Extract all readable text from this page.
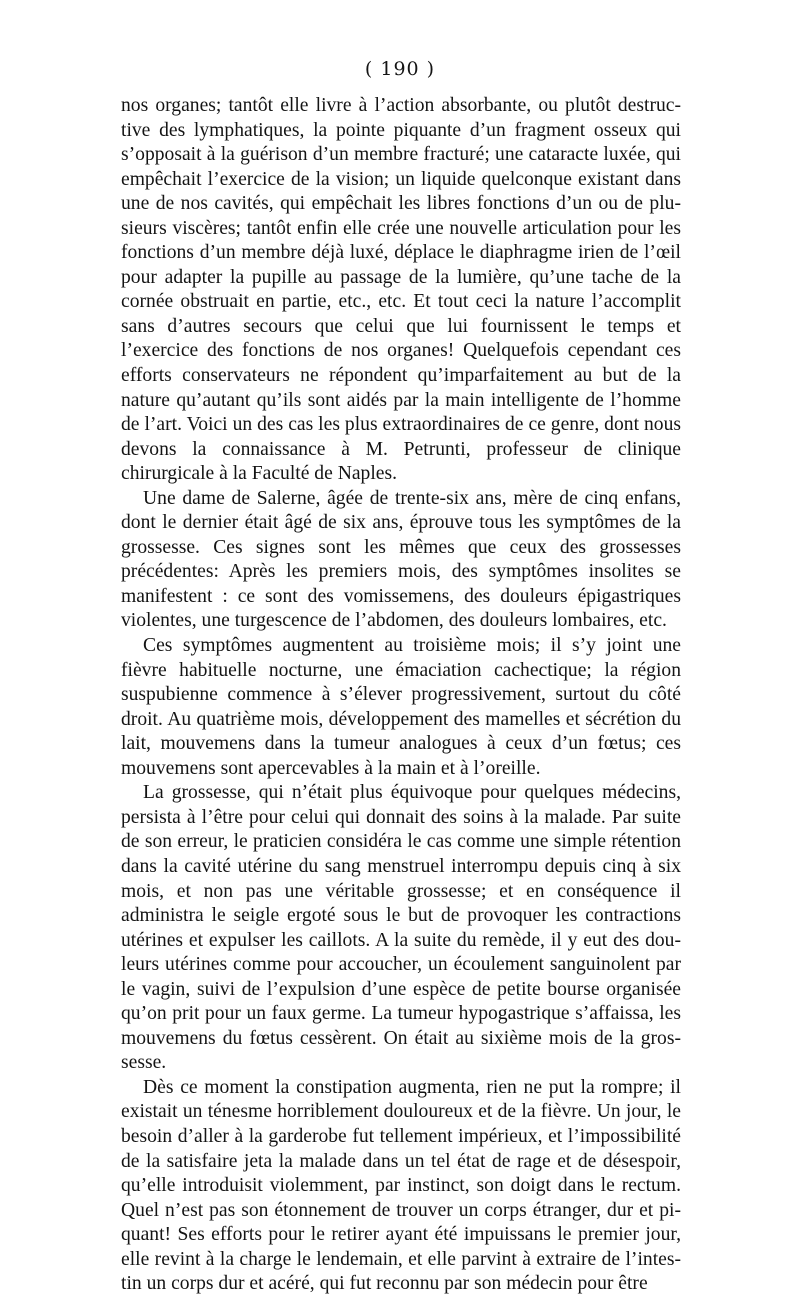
( 190 )

nos organes; tantôt elle livre à l’action absorbante, ou plutôt destructive des lymphatiques, la pointe piquante d’un fragment osseux qui s’opposait à la guérison d’un membre fracturé; une cataracte luxée, qui empêchait l’exercice de la vision; un liquide quelconque existant dans une de nos cavités, qui empêchait les libres fonctions d’un ou de plusieurs viscères; tantôt enfin elle crée une nouvelle articulation pour les fonctions d’un membre déjà luxé, déplace le diaphragme irien de l’œil pour adapter la pupille au passage de la lumière, qu’une tache de la cornée obstruait en partie, etc., etc. Et tout ceci la nature l’accomplit sans d’autres secours que celui que lui fournissent le temps et l’exercice des fonctions de nos organes! Quelquefois cependant ces efforts conservateurs ne répondent qu’imparfaitement au but de la nature qu’autant qu’ils sont aidés par la main intelligente de l’homme de l’art. Voici un des cas les plus extraordinaires de ce genre, dont nous devons la connaissance à M. Petrunti, professeur de clinique chirurgicale à la Faculté de Naples.

Une dame de Salerne, âgée de trente-six ans, mère de cinq enfans, dont le dernier était âgé de six ans, éprouve tous les symptômes de la grossesse. Ces signes sont les mêmes que ceux des grossesses précédentes: Après les premiers mois, des symptômes insolites se manifestent : ce sont des vomissemens, des douleurs épigastriques violentes, une turgescence de l’abdomen, des douleurs lombaires, etc.

Ces symptômes augmentent au troisième mois; il s’y joint une fièvre habituelle nocturne, une émaciation cachectique; la région suspubienne commence à s’élever progressivement, surtout du côté droit. Au quatrième mois, développement des mamelles et sécrétion du lait, mouvemens dans la tumeur analogues à ceux d’un fœtus; ces mouvemens sont apercevables à la main et à l’oreille.

La grossesse, qui n’était plus équivoque pour quelques médecins, persista à l’être pour celui qui donnait des soins à la malade. Par suite de son erreur, le praticien considéra le cas comme une simple rétention dans la cavité utérine du sang menstruel interrompu depuis cinq à six mois, et non pas une véritable grossesse; et en conséquence il administra le seigle ergoté sous le but de provoquer les contractions utérines et expulser les caillots. A la suite du remède, il y eut des douleurs utérines comme pour accoucher, un écoulement sanguinolent par le vagin, suivi de l’expulsion d’une espèce de petite bourse organisée qu’on prit pour un faux germe. La tumeur hypogastrique s’affaissa, les mouvemens du fœtus cessèrent. On était au sixième mois de la grossesse.

Dès ce moment la constipation augmenta, rien ne put la rompre; il existait un ténesme horriblement douloureux et de la fièvre. Un jour, le besoin d’aller à la garderobe fut tellement impérieux, et l’impossibilité de la satisfaire jeta la malade dans un tel état de rage et de désespoir, qu’elle introduisit violemment, par instinct, son doigt dans le rectum. Quel n’est pas son étonnement de trouver un corps étranger, dur et piquant! Ses efforts pour le retirer ayant été impuissans le premier jour, elle revint à la charge le lendemain, et elle parvint à extraire de l’intestin un corps dur et acéré, qui fut reconnu par son médecin pour être
